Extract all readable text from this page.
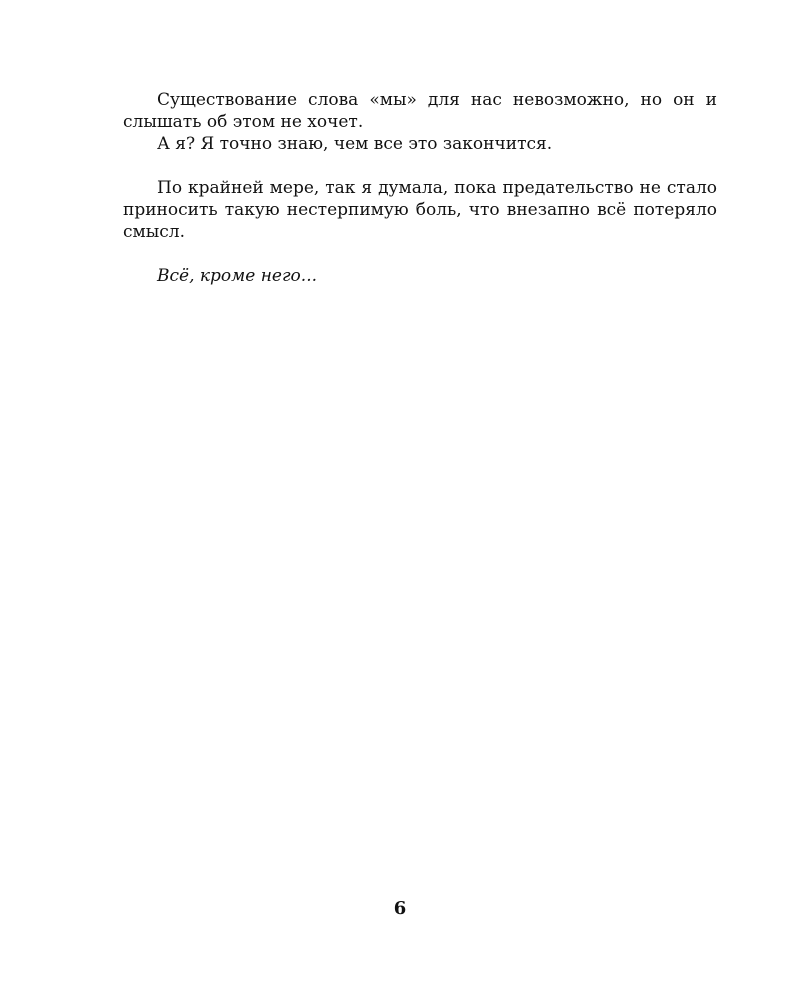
Существование слова «мы» для нас невозможно, но он и слышать об этом не хочет.

А я? Я точно знаю, чем все это закончится.

По крайней мере, так я думала, пока предательство не стало приносить такую нестерпимую боль, что внезапно всё потеряло смысл.

Всё, кроме него...

6
